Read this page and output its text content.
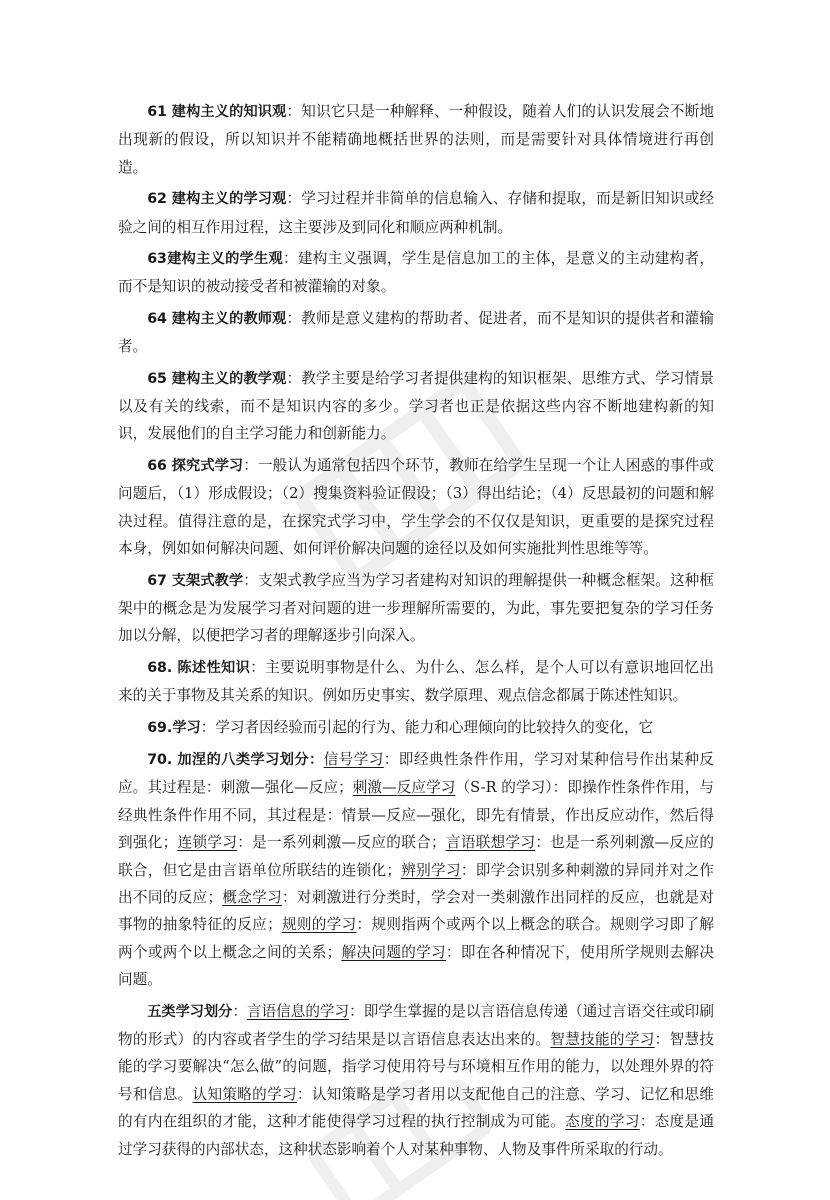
61 建构主义的知识观：知识它只是一种解释、一种假设，随着人们的认识发展会不断地出现新的假设，所以知识并不能精确地概括世界的法则，而是需要针对具体情境进行再创造。

62 建构主义的学习观：学习过程并非简单的信息输入、存储和提取，而是新旧知识或经验之间的相互作用过程，这主要涉及到同化和顺应两种机制。

63建构主义的学生观：建构主义强调，学生是信息加工的主体，是意义的主动建构者，而不是知识的被动接受者和被灌输的对象。

64 建构主义的教师观：教师是意义建构的帮助者、促进者，而不是知识的提供者和灌输者。

65 建构主义的教学观：教学主要是给学习者提供建构的知识框架、思维方式、学习情景以及有关的线索，而不是知识内容的多少。学习者也正是依据这些内容不断地建构新的知识，发展他们的自主学习能力和创新能力。

66 探究式学习：一般认为通常包括四个环节，教师在给学生呈现一个让人困惑的事件或问题后，（1）形成假设；（2）搜集资料验证假设；（3）得出结论；（4）反思最初的问题和解决过程。值得注意的是，在探究式学习中，学生学会的不仅仅是知识，更重要的是探究过程本身，例如如何解决问题、如何评价解决问题的途径以及如何实施批判性思维等等。

67 支架式教学：支架式教学应当为学习者建构对知识的理解提供一种概念框架。这种框架中的概念是为发展学习者对问题的进一步理解所需要的，为此，事先要把复杂的学习任务加以分解，以便把学习者的理解逐步引向深入。

68. 陈述性知识：主要说明事物是什么、为什么、怎么样，是个人可以有意识地回忆出来的关于事物及其关系的知识。例如历史事实、数学原理、观点信念都属于陈述性知识。

69.学习：学习者因经验而引起的行为、能力和心理倾向的比较持久的变化，它

70. 加涅的八类学习划分：信号学习：即经典性条件作用，学习对某种信号作出某种反应。其过程是：刺激—强化—反应；刺激—反应学习（S-R 的学习）：即操作性条件作用，与经典性条件作用不同，其过程是：情景—反应—强化，即先有情景，作出反应动作，然后得到强化；连锁学习：是一系列刺激—反应的联合；言语联想学习：也是一系列刺激—反应的联合，但它是由言语单位所联结的连锁化；辨别学习：即学会识别多种刺激的异同并对之作出不同的反应；概念学习：对刺激进行分类时，学会对一类刺激作出同样的反应，也就是对事物的抽象特征的反应；规则的学习：规则指两个或两个以上概念的联合。规则学习即了解两个或两个以上概念之间的关系；解决问题的学习：即在各种情况下，使用所学规则去解决问题。

五类学习划分：言语信息的学习：即学生掌握的是以言语信息传递（通过言语交往或印刷物的形式）的内容或者学生的学习结果是以言语信息表达出来的。智慧技能的学习：智慧技能的学习要解决“怎么做”的问题，指学习使用符号与环境相互作用的能力，以处理外界的符号和信息。认知策略的学习：认知策略是学习者用以支配他自己的注意、学习、记忆和思维的有内在组织的才能，这种才能使得学习过程的执行控制成为可能。态度的学习：态度是通过学习获得的内部状态，这种状态影响着个人对某种事物、人物及事件所采取的行动。
